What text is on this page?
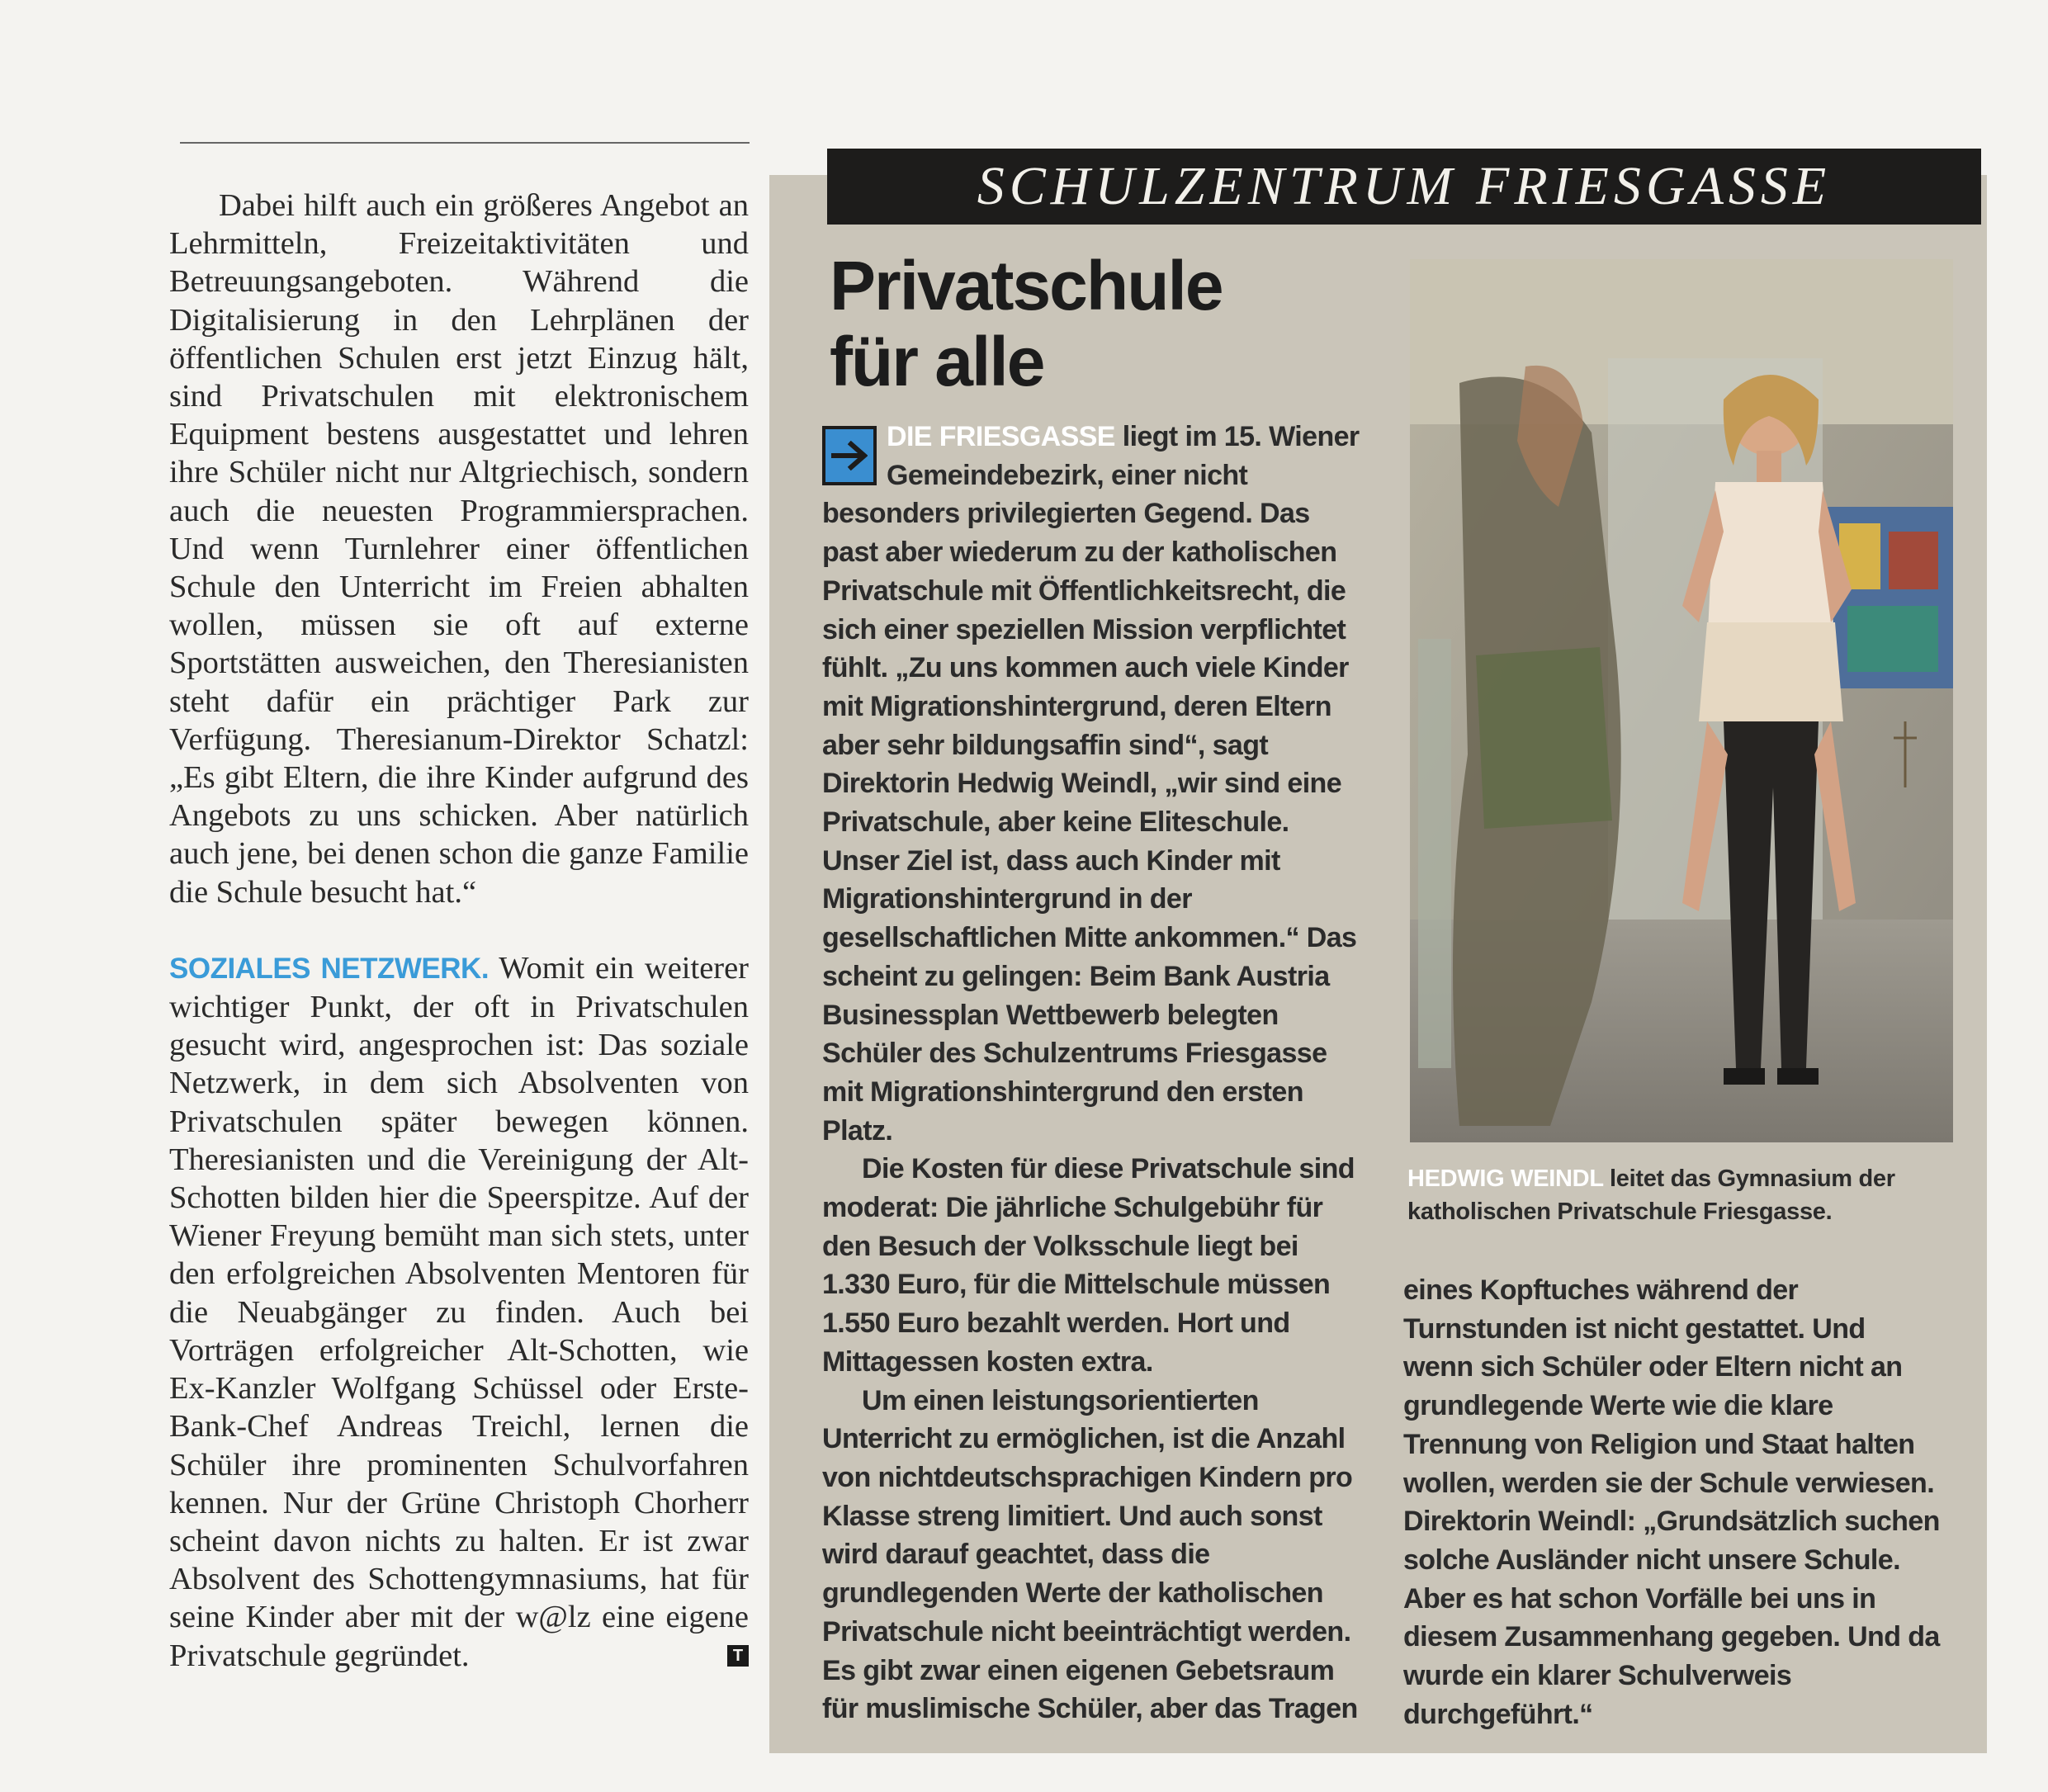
Dabei hilft auch ein größeres Angebot an Lehrmitteln, Freizeitaktivitäten und Betreuungsangeboten. Während die Digitalisierung in den Lehrplänen der öffentlichen Schulen erst jetzt Einzug hält, sind Privatschulen mit elektronischem Equipment bestens ausgestattet und lehren ihre Schüler nicht nur Altgriechisch, sondern auch die neuesten Programmiersprachen. Und wenn Turnlehrer einer öffentlichen Schule den Unterricht im Freien abhalten wollen, müssen sie oft auf externe Sportstätten ausweichen, den Theresianisten steht dafür ein prächtiger Park zur Verfügung. Theresianum-Direktor Schatzl: „Es gibt Eltern, die ihre Kinder aufgrund des Angebots zu uns schicken. Aber natürlich auch jene, bei denen schon die ganze Familie die Schule besucht hat.“

SOZIALES NETZWERK. Womit ein weiterer wichtiger Punkt, der oft in Privatschulen gesucht wird, angesprochen ist: Das soziale Netzwerk, in dem sich Absolventen von Privatschulen später bewegen können. Theresianisten und die Vereinigung der Alt-Schotten bilden hier die Speerspitze. Auf der Wiener Freyung bemüht man sich stets, unter den erfolgreichen Absolventen Mentoren für die Neuabgänger zu finden. Auch bei Vorträgen erfolgreicher Alt-Schotten, wie Ex-Kanzler Wolfgang Schüssel oder Erste-Bank-Chef Andreas Treichl, lernen die Schüler ihre prominenten Schulvorfahren kennen. Nur der Grüne Christoph Chorherr scheint davon nichts zu halten. Er ist zwar Absolvent des Schottengymnasiums, hat für seine Kinder aber mit der w@lz eine eigene Privatschule gegründet.	T

SCHULZENTRUM FRIESGASSE
Privatschule
für alle

DIE FRIESGASSE liegt im 15. Wiener Gemeindebezirk, einer nicht besonders privilegierten Gegend. Das past aber wiederum zu der katholischen Privatschule mit Öffentlichkeitsrecht, die sich einer speziellen Mission verpflichtet fühlt. „Zu uns kommen auch viele Kinder mit Migrationshintergrund, deren Eltern aber sehr bildungsaffin sind“, sagt Direktorin Hedwig Weindl, „wir sind eine Privatschule, aber keine Eliteschule. Unser Ziel ist, dass auch Kinder mit Migrationshintergrund in der gesellschaftlichen Mitte ankommen.“ Das scheint zu gelingen: Beim Bank Austria Businessplan Wettbewerb belegten Schüler des Schulzentrums Friesgasse mit Migrationshintergrund den ersten Platz.

Die Kosten für diese Privatschule sind moderat: Die jährliche Schulgebühr für den Besuch der Volksschule liegt bei 1.330 Euro, für die Mittelschule müssen 1.550 Euro bezahlt werden. Hort und Mittagessen kosten extra.

Um einen leistungsorientierten Unterricht zu ermöglichen, ist die Anzahl von nichtdeutschsprachigen Kindern pro Klasse streng limitiert. Und auch sonst wird darauf geachtet, dass die grundlegenden Werte der katholischen Privatschule nicht beeinträchtigt werden. Es gibt zwar einen eigenen Gebetsraum für muslimische Schüler, aber das Tragen

HEDWIG WEINDL leitet das Gymnasium der katholischen Privatschule Friesgasse.

eines Kopftuches während der Turnstunden ist nicht gestattet. Und wenn sich Schüler oder Eltern nicht an grundlegende Werte wie die klare Trennung von Religion und Staat halten wollen, werden sie der Schule verwiesen. Direktorin Weindl: „Grundsätzlich suchen solche Ausländer nicht unsere Schule. Aber es hat schon Vorfälle bei uns in diesem Zusammenhang gegeben. Und da wurde ein klarer Schulverweis durchgeführt.“
